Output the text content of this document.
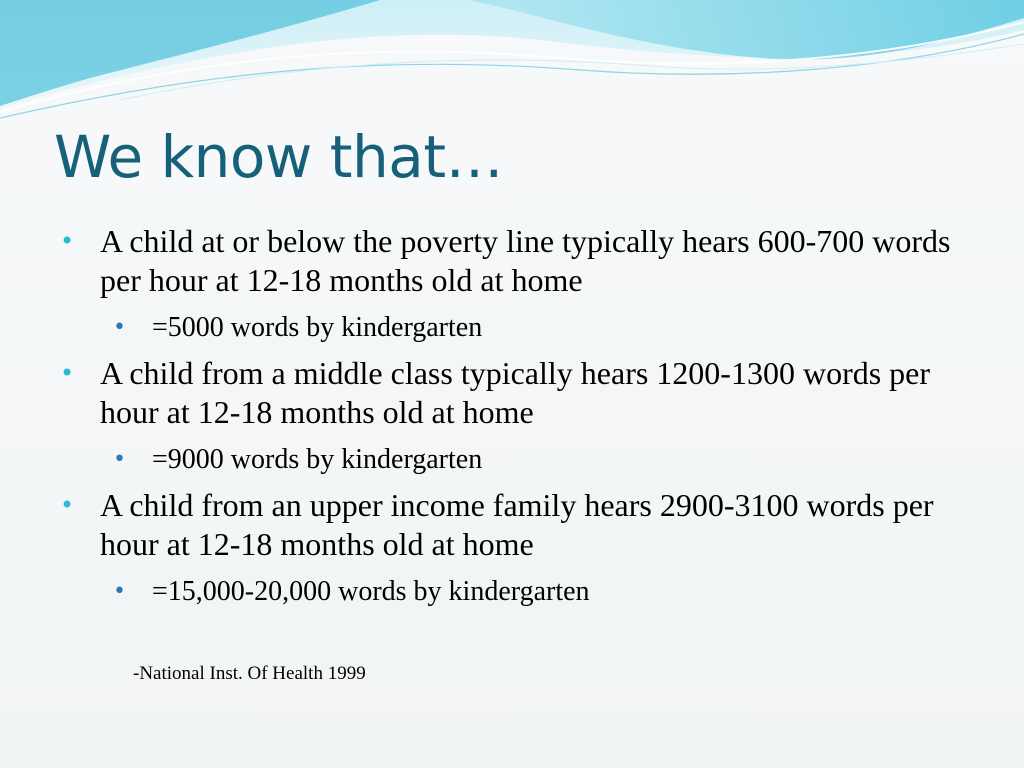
We know that…

• A child at or below the poverty line typically hears 600-700 words per hour at 12-18 months old at home

• =5000 words by kindergarten

• A child from a middle class typically hears 1200-1300 words per hour at 12-18 months old at home

• =9000 words by kindergarten

• A child from an upper income family hears 2900-3100 words per hour at 12-18 months old at home

• =15,000-20,000 words by kindergarten

-National Inst. Of Health 1999
